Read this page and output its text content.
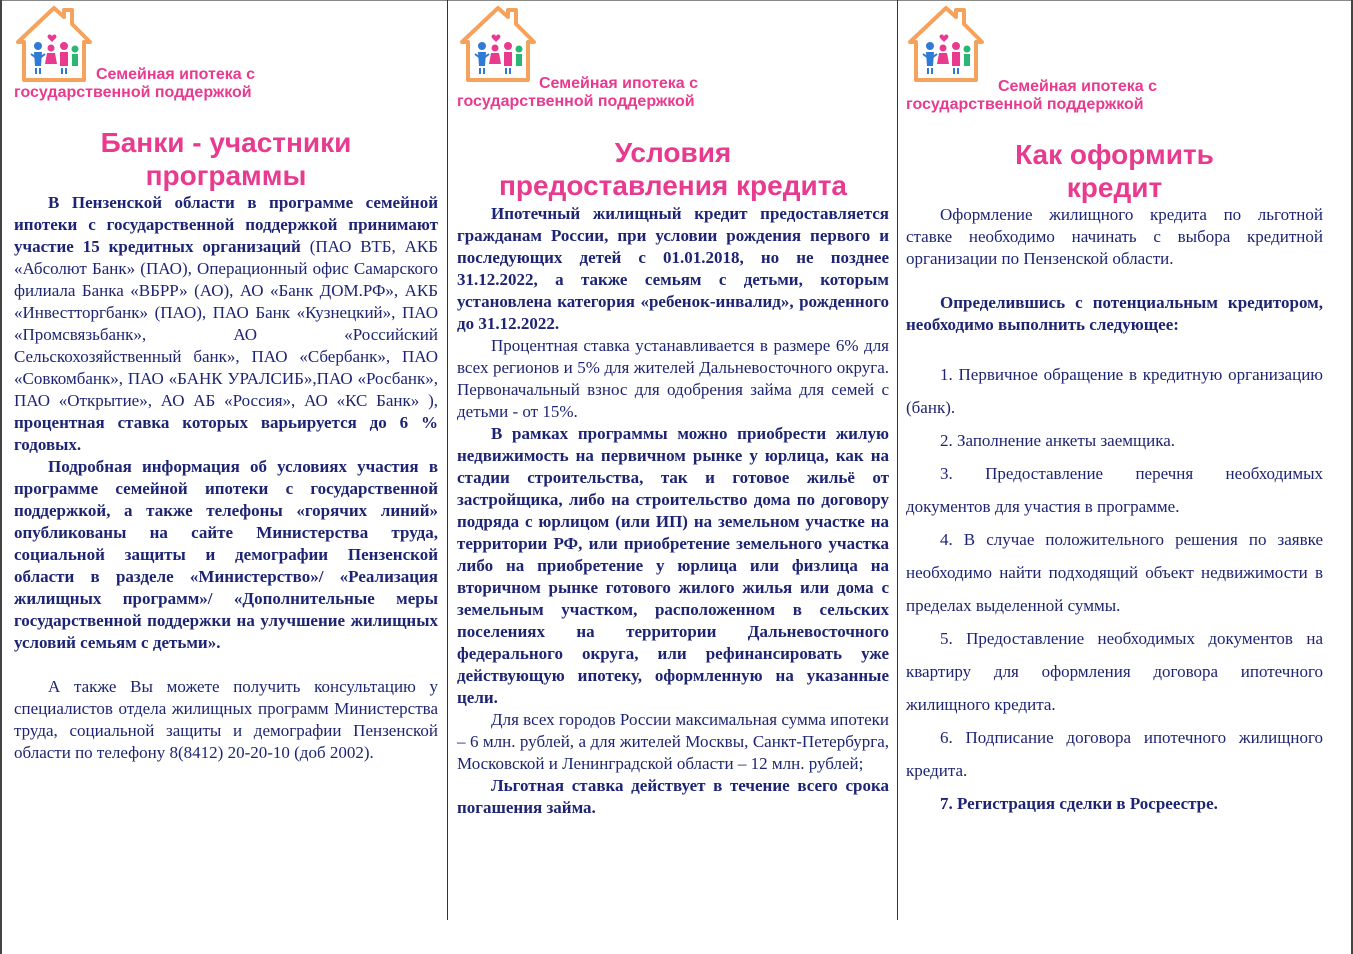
Семейная ипотека с
государственной поддержкой
Банки - участники
программы

В Пензенской области в программе семейной ипотеки с государственной поддержкой принимают участие 15 кредитных организаций (ПАО ВТБ, АКБ «Абсолют Банк» (ПАО), Операционный офис Самарского филиала Банка «ВБРР» (АО), АО «Банк ДОМ.РФ», АКБ «Инвестторгбанк» (ПАО), ПАО Банк «Кузнецкий», ПАО «Промсвязьбанк», АО «Российский Сельскохозяйственный банк», ПАО «Сбербанк», ПАО «Совкомбанк», ПАО «БАНК УРАЛСИБ»,ПАО «Росбанк», ПАО «Открытие», АО АБ «Россия», АО «КС Банк» ), процентная ставка которых варьируется до 6 % годовых.

Подробная информация об условиях участия в программе семейной ипотеки с государственной поддержкой, а также телефоны «горячих линий» опубликованы на сайте Министерства труда, социальной защиты и демографии Пензенской области в разделе «Министерство»/ «Реализация жилищных программ»/ «Дополнительные меры государственной поддержки на улучшение жилищных условий семьям с детьми».

А также Вы можете получить консультацию у специалистов отдела жилищных программ Министерства труда, социальной защиты и демографии Пензенской области по телефону 8(8412) 20-20-10 (доб 2002).

Семейная ипотека с
государственной поддержкой
Условия
предоставления кредита

Ипотечный жилищный кредит предоставляется гражданам России, при условии рождения первого и последующих детей с 01.01.2018, но не позднее 31.12.2022, а также семьям с детьми, которым установлена категория «ребенок-инвалид», рожденного до 31.12.2022.

Процентная ставка устанавливается в размере 6% для всех регионов и 5% для жителей Дальневосточного округа. Первоначальный взнос для одобрения займа для семей с детьми - от 15%.

В рамках программы можно приобрести жилую недвижимость на первичном рынке у юрлица, как на стадии строительства, так и готовое жильё от застройщика, либо на строительство дома по договору подряда с юрлицом (или ИП) на земельном участке на территории РФ, или приобретение земельного участка либо на приобретение у юрлица или физлица на вторичном рынке готового жилого жилья или дома с земельным участком, расположенном в сельских поселениях на территории Дальневосточного федерального округа, или рефинансировать уже действующую ипотеку, оформленную на указанные цели.

Для всех городов России максимальная сумма ипотеки – 6 млн. рублей, а для жителей Москвы, Санкт-Петербурга, Московской и Ленинградской области – 12 млн. рублей;

Льготная ставка действует в течение всего срока погашения займа.

Семейная ипотека с
государственной поддержкой
Как оформить
кредит

Оформление жилищного кредита по льготной ставке необходимо начинать с выбора кредитной организации по Пензенской области.

Определившись с потенциальным кредитором, необходимо выполнить следующее:

1. Первичное обращение в кредитную организацию (банк).

2. Заполнение анкеты заемщика.

3. Предоставление перечня необходимых документов для участия в программе.

4. В случае положительного решения по заявке необходимо найти подходящий объект недвижимости в пределах выделенной суммы.

5. Предоставление необходимых документов на квартиру для оформления договора ипотечного жилищного кредита.

6. Подписание договора ипотечного жилищного кредита.

7. Регистрация сделки в Росреестре.
